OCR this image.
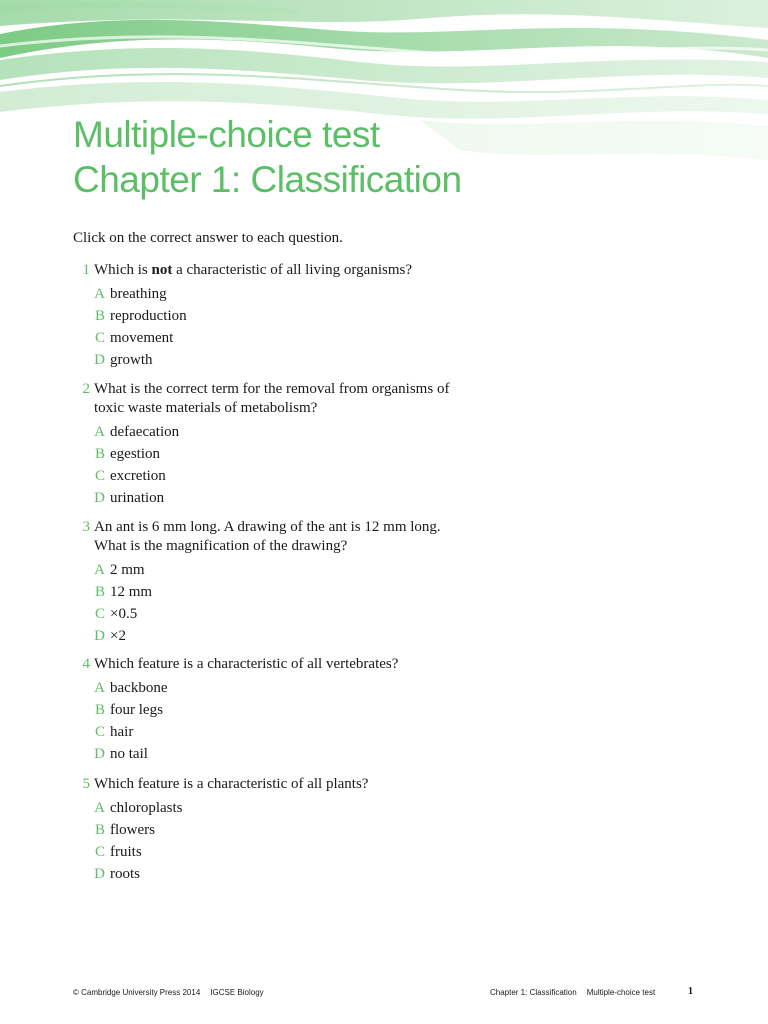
Multiple-choice test
Chapter 1: Classification
Click on the correct answer to each question.
1 Which is not a characteristic of all living organisms?
A breathing
B reproduction
C movement
D growth
2 What is the correct term for the removal from organisms of
toxic waste materials of metabolism?
A defaecation
B egestion
C excretion
D urination
3 An ant is 6 mm long. A drawing of the ant is 12 mm long.
What is the magnification of the drawing?
A 2 mm
B 12 mm
C ×0.5
D ×2
4 Which feature is a characteristic of all vertebrates?
A backbone
B four legs
C hair
D no tail
5 Which feature is a characteristic of all plants?
A chloroplasts
B flowers
C fruits
D roots
© Cambridge University Press 2014 IGCSE Biology	Chapter 1: Classification Multiple-choice test	1
